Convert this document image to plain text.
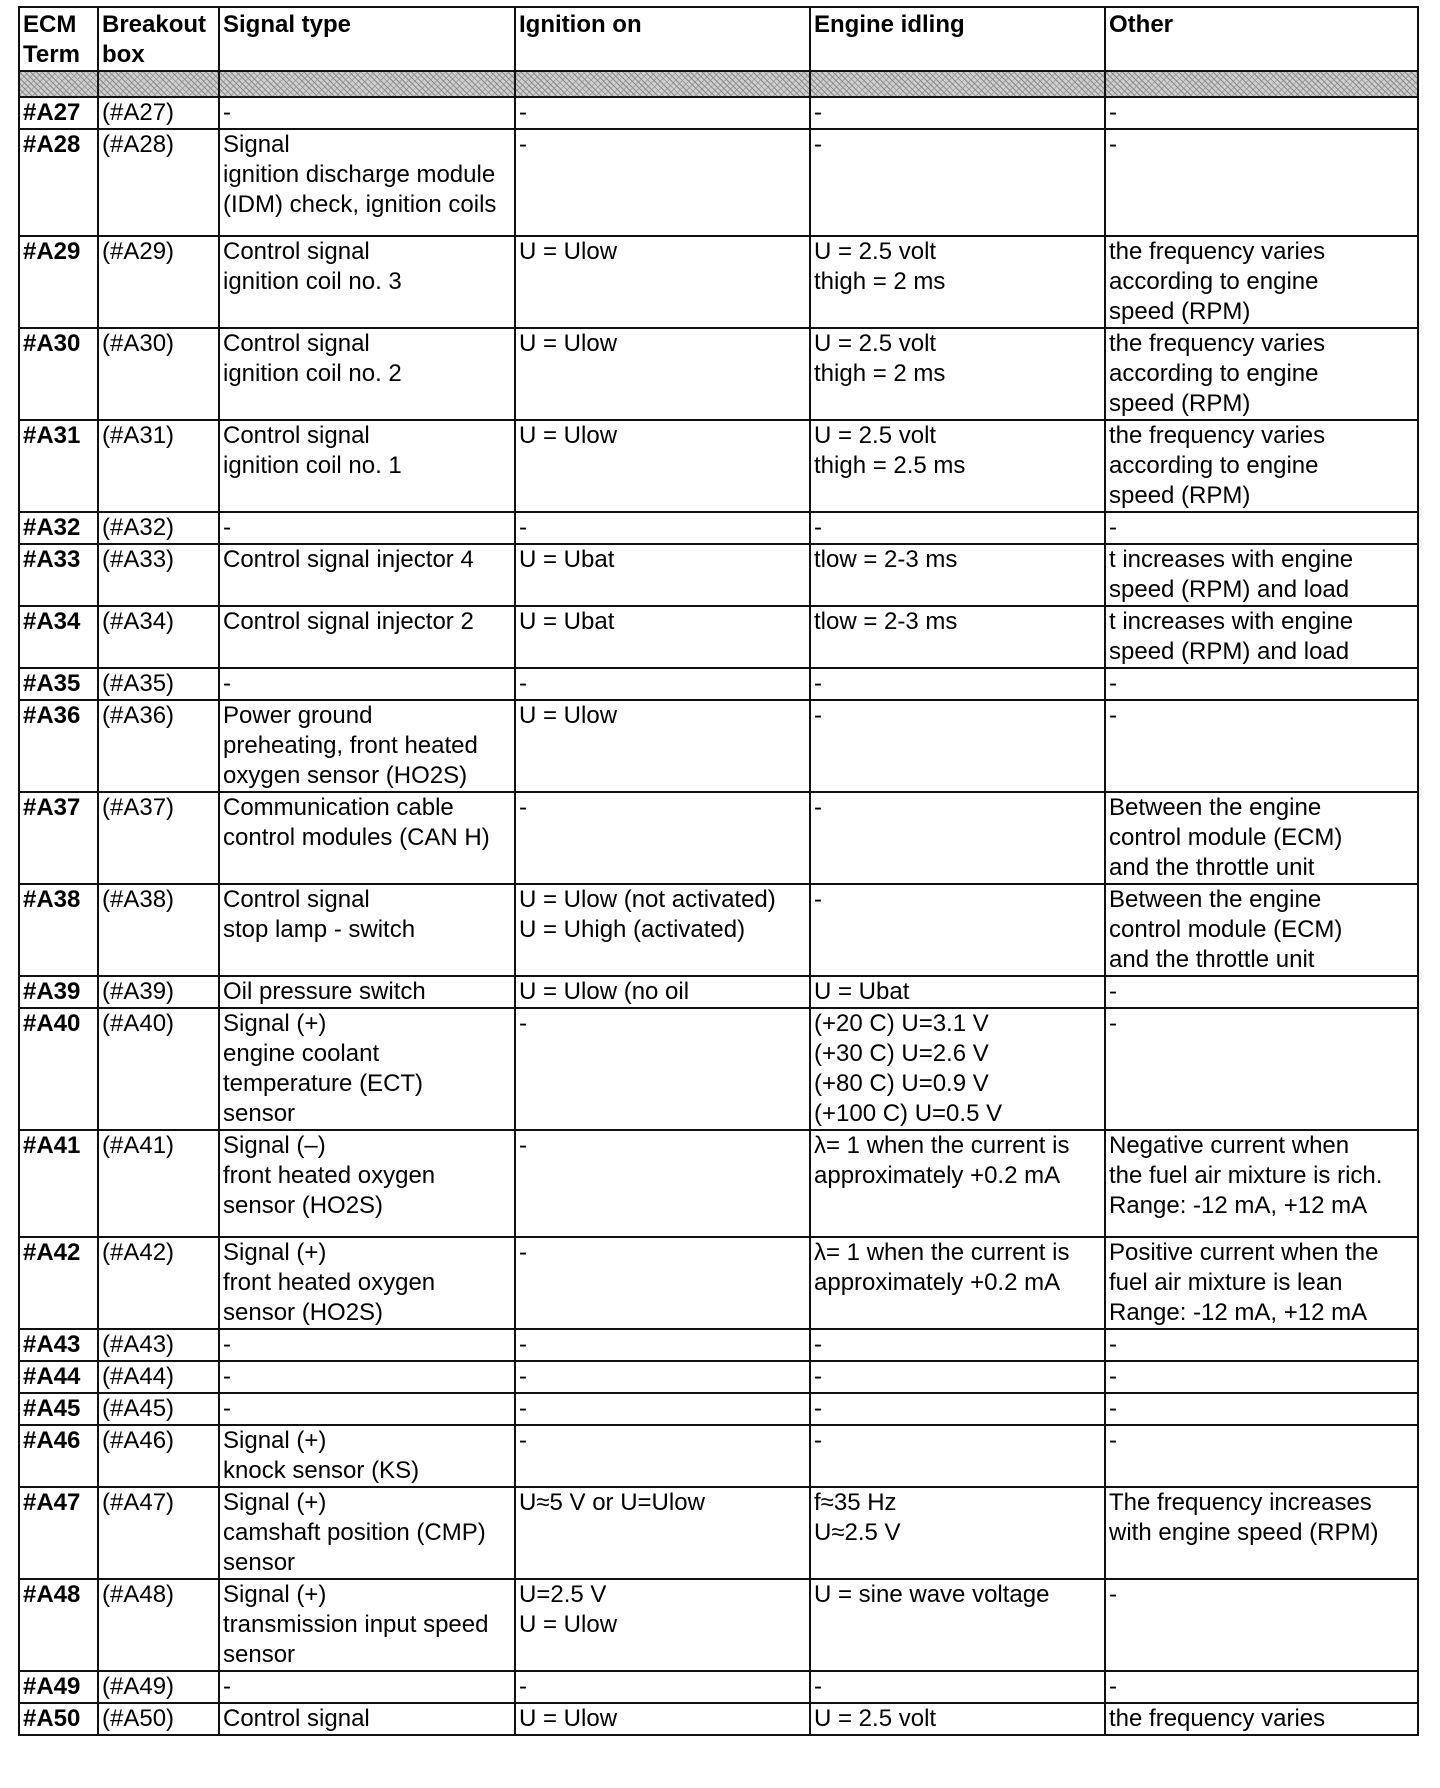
ECM
Term	Breakout
box	Signal type	Ignition on	Engine idling	Other

#A27	(#A27)	-	-	-	-
#A28	(#A28)	Signal
ignition discharge module
(IDM) check, ignition coils	-	-	-
#A29	(#A29)	Control signal
ignition coil no. 3	U = Ulow	U = 2.5 volt
thigh = 2 ms	the frequency varies
according to engine
speed (RPM)
#A30	(#A30)	Control signal
ignition coil no. 2	U = Ulow	U = 2.5 volt
thigh = 2 ms	the frequency varies
according to engine
speed (RPM)
#A31	(#A31)	Control signal
ignition coil no. 1	U = Ulow	U = 2.5 volt
thigh = 2.5 ms	the frequency varies
according to engine
speed (RPM)
#A32	(#A32)	-	-	-	-
#A33	(#A33)	Control signal injector 4	U = Ubat	tlow = 2-3 ms	t increases with engine
speed (RPM) and load
#A34	(#A34)	Control signal injector 2	U = Ubat	tlow = 2-3 ms	t increases with engine
speed (RPM) and load
#A35	(#A35)	-	-	-	-
#A36	(#A36)	Power ground
preheating, front heated
oxygen sensor (HO2S)	U = Ulow	-	-
#A37	(#A37)	Communication cable
control modules (CAN H)	-	-	Between the engine
control module (ECM)
and the throttle unit
#A38	(#A38)	Control signal
stop lamp - switch	U = Ulow (not activated)
U = Uhigh (activated)	-	Between the engine
control module (ECM)
and the throttle unit
#A39	(#A39)	Oil pressure switch	U = Ulow (no oil	U = Ubat	-
#A40	(#A40)	Signal (+)
engine coolant
temperature (ECT)
sensor	-	(+20 C) U=3.1 V
(+30 C) U=2.6 V
(+80 C) U=0.9 V
(+100 C) U=0.5 V	-
#A41	(#A41)	Signal (–)
front heated oxygen
sensor (HO2S)	-	λ= 1 when the current is
approximately +0.2 mA	Negative current when
the fuel air mixture is rich.
Range: -12 mA, +12 mA
#A42	(#A42)	Signal (+)
front heated oxygen
sensor (HO2S)	-	λ= 1 when the current is
approximately +0.2 mA	Positive current when the
fuel air mixture is lean
Range: -12 mA, +12 mA
#A43	(#A43)	-	-	-	-
#A44	(#A44)	-	-	-	-
#A45	(#A45)	-	-	-	-
#A46	(#A46)	Signal (+)
knock sensor (KS)	-	-	-
#A47	(#A47)	Signal (+)
camshaft position (CMP)
sensor	U≈5 V or U=Ulow	f≈35 Hz
U≈2.5 V	The frequency increases
with engine speed (RPM)
#A48	(#A48)	Signal (+)
transmission input speed
sensor	U=2.5 V
U = Ulow	U = sine wave voltage	-
#A49	(#A49)	-	-	-	-
#A50	(#A50)	Control signal	U = Ulow	U = 2.5 volt	the frequency varies
